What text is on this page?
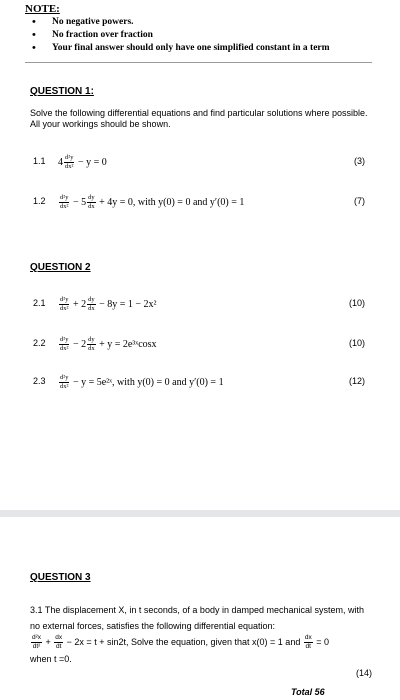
NOTE:
• No negative powers.
• No fraction over fraction
• Your final answer should only have one simplified constant in a term
QUESTION 1:
Solve the following differential equations and find particular solutions where possible. All your workings should be shown.
1.1 $4 \frac{\text{d²y}}{\text{dx²}} - y = 0$	(3)
$1.2 \frac{\text{d²y}}{\text{dx²}} - 5 \frac{dy}{dx} + 4y = 0$, with y(0) = 0 and y′(0) = 1	(7)
QUESTION 2
$2.1 \frac{\text{d²y}}{\text{dx²}} + 2 \frac{dy}{dx} - 8y = 1 - 2x^2$	(10)
$2.2 \frac{\text{d²y}}{\text{dx²}} - 2 \frac{dy}{dx} + y$ = 2e³ˣcosx	(10)
$2.3 \frac{\text{d²y}}{\text{dx²}} - y$ = 5e²ˣ, with y(0) = 0 and y′(0) = 1	(12)
QUESTION 3
3.1 The displacement X, in t seconds, of a body in damped mechanical system, with no external forces, satisfies the following differential equation:
$\frac{\text{d²x}}{\text{dt²}} + \frac{dx}{dt} - 2x = t + \sin 2t$, Solve the equation, given that x(0) = 1 and $\frac{dx}{dt} = 0$
when t =0.
(14)
Total 56
